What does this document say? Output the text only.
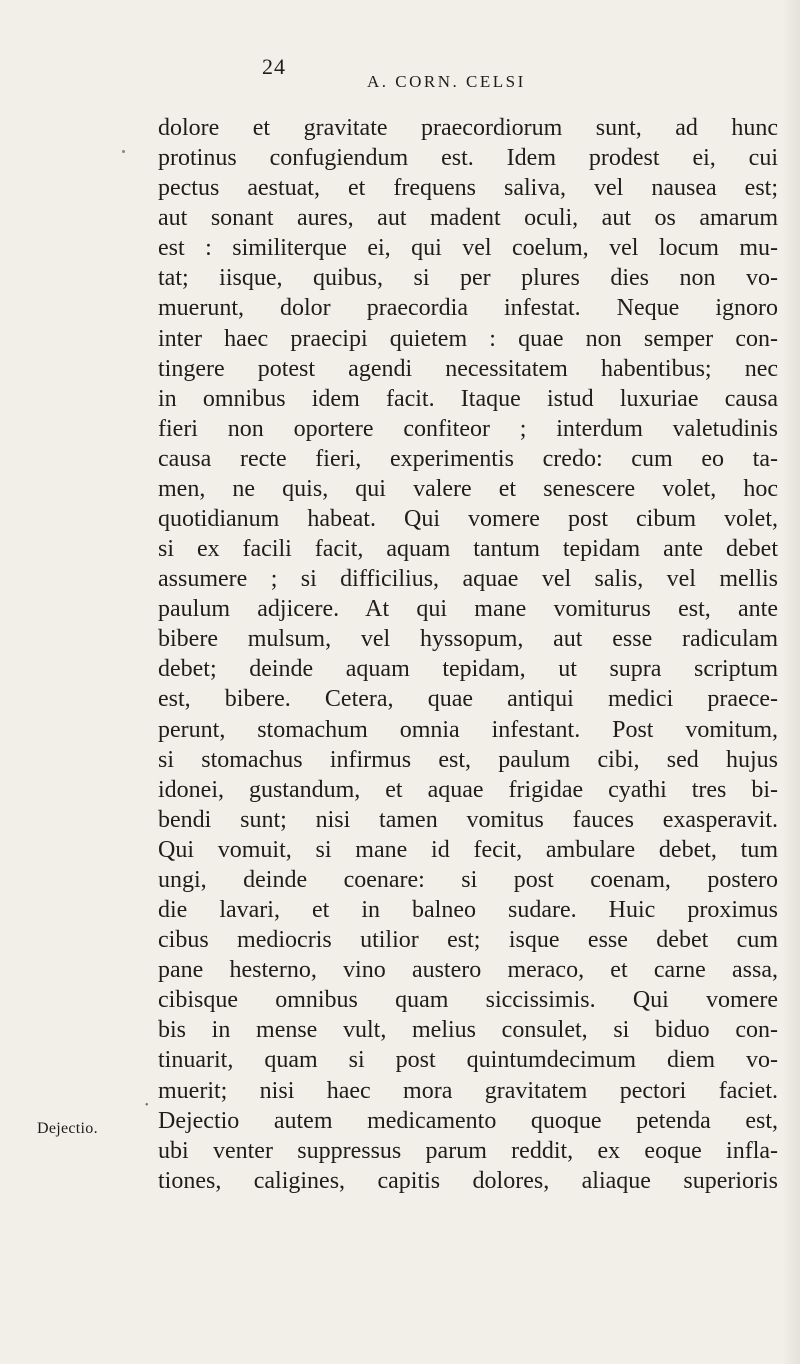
24
A. CORN. CELSI
dolore et gravitate praecordiorum sunt, ad hunc
protinus confugiendum est. Idem prodest ei, cui
pectus aestuat, et frequens saliva, vel nausea est;
aut sonant aures, aut madent oculi, aut os amarum
est : similiterque ei, qui vel coelum, vel locum mu-
tat; iisque, quibus, si per plures dies non vo-
muerunt, dolor praecordia infestat. Neque ignoro
inter haec praecipi quietem : quae non semper con-
tingere potest agendi necessitatem habentibus; nec
in omnibus idem facit. Itaque istud luxuriae causa
fieri non oportere confiteor ; interdum valetudinis
causa recte fieri, experimentis credo: cum eo ta-
men, ne quis, qui valere et senescere volet, hoc
quotidianum habeat. Qui vomere post cibum volet,
si ex facili facit, aquam tantum tepidam ante debet
assumere ; si difficilius, aquae vel salis, vel mellis
paulum adjicere. At qui mane vomiturus est, ante
bibere mulsum, vel hyssopum, aut esse radiculam
debet; deinde aquam tepidam, ut supra scriptum
est, bibere. Cetera, quae antiqui medici praece-
perunt, stomachum omnia infestant. Post vomitum,
si stomachus infirmus est, paulum cibi, sed hujus
idonei, gustandum, et aquae frigidae cyathi tres bi-
bendi sunt; nisi tamen vomitus fauces exasperavit.
Qui vomuit, si mane id fecit, ambulare debet, tum
ungi, deinde coenare: si post coenam, postero
die lavari, et in balneo sudare. Huic proximus
cibus mediocris utilior est; isque esse debet cum
pane hesterno, vino austero meraco, et carne assa,
cibisque omnibus quam siccissimis. Qui vomere
bis in mense vult, melius consulet, si biduo con-
tinuarit, quam si post quintumdecimum diem vo-
muerit; nisi haec mora gravitatem pectori faciet.
Dejectio autem medicamento quoque petenda est,
ubi venter suppressus parum reddit, ex eoque infla-
tiones, caligines, capitis dolores, aliaque superioris
•
Dejectio.
